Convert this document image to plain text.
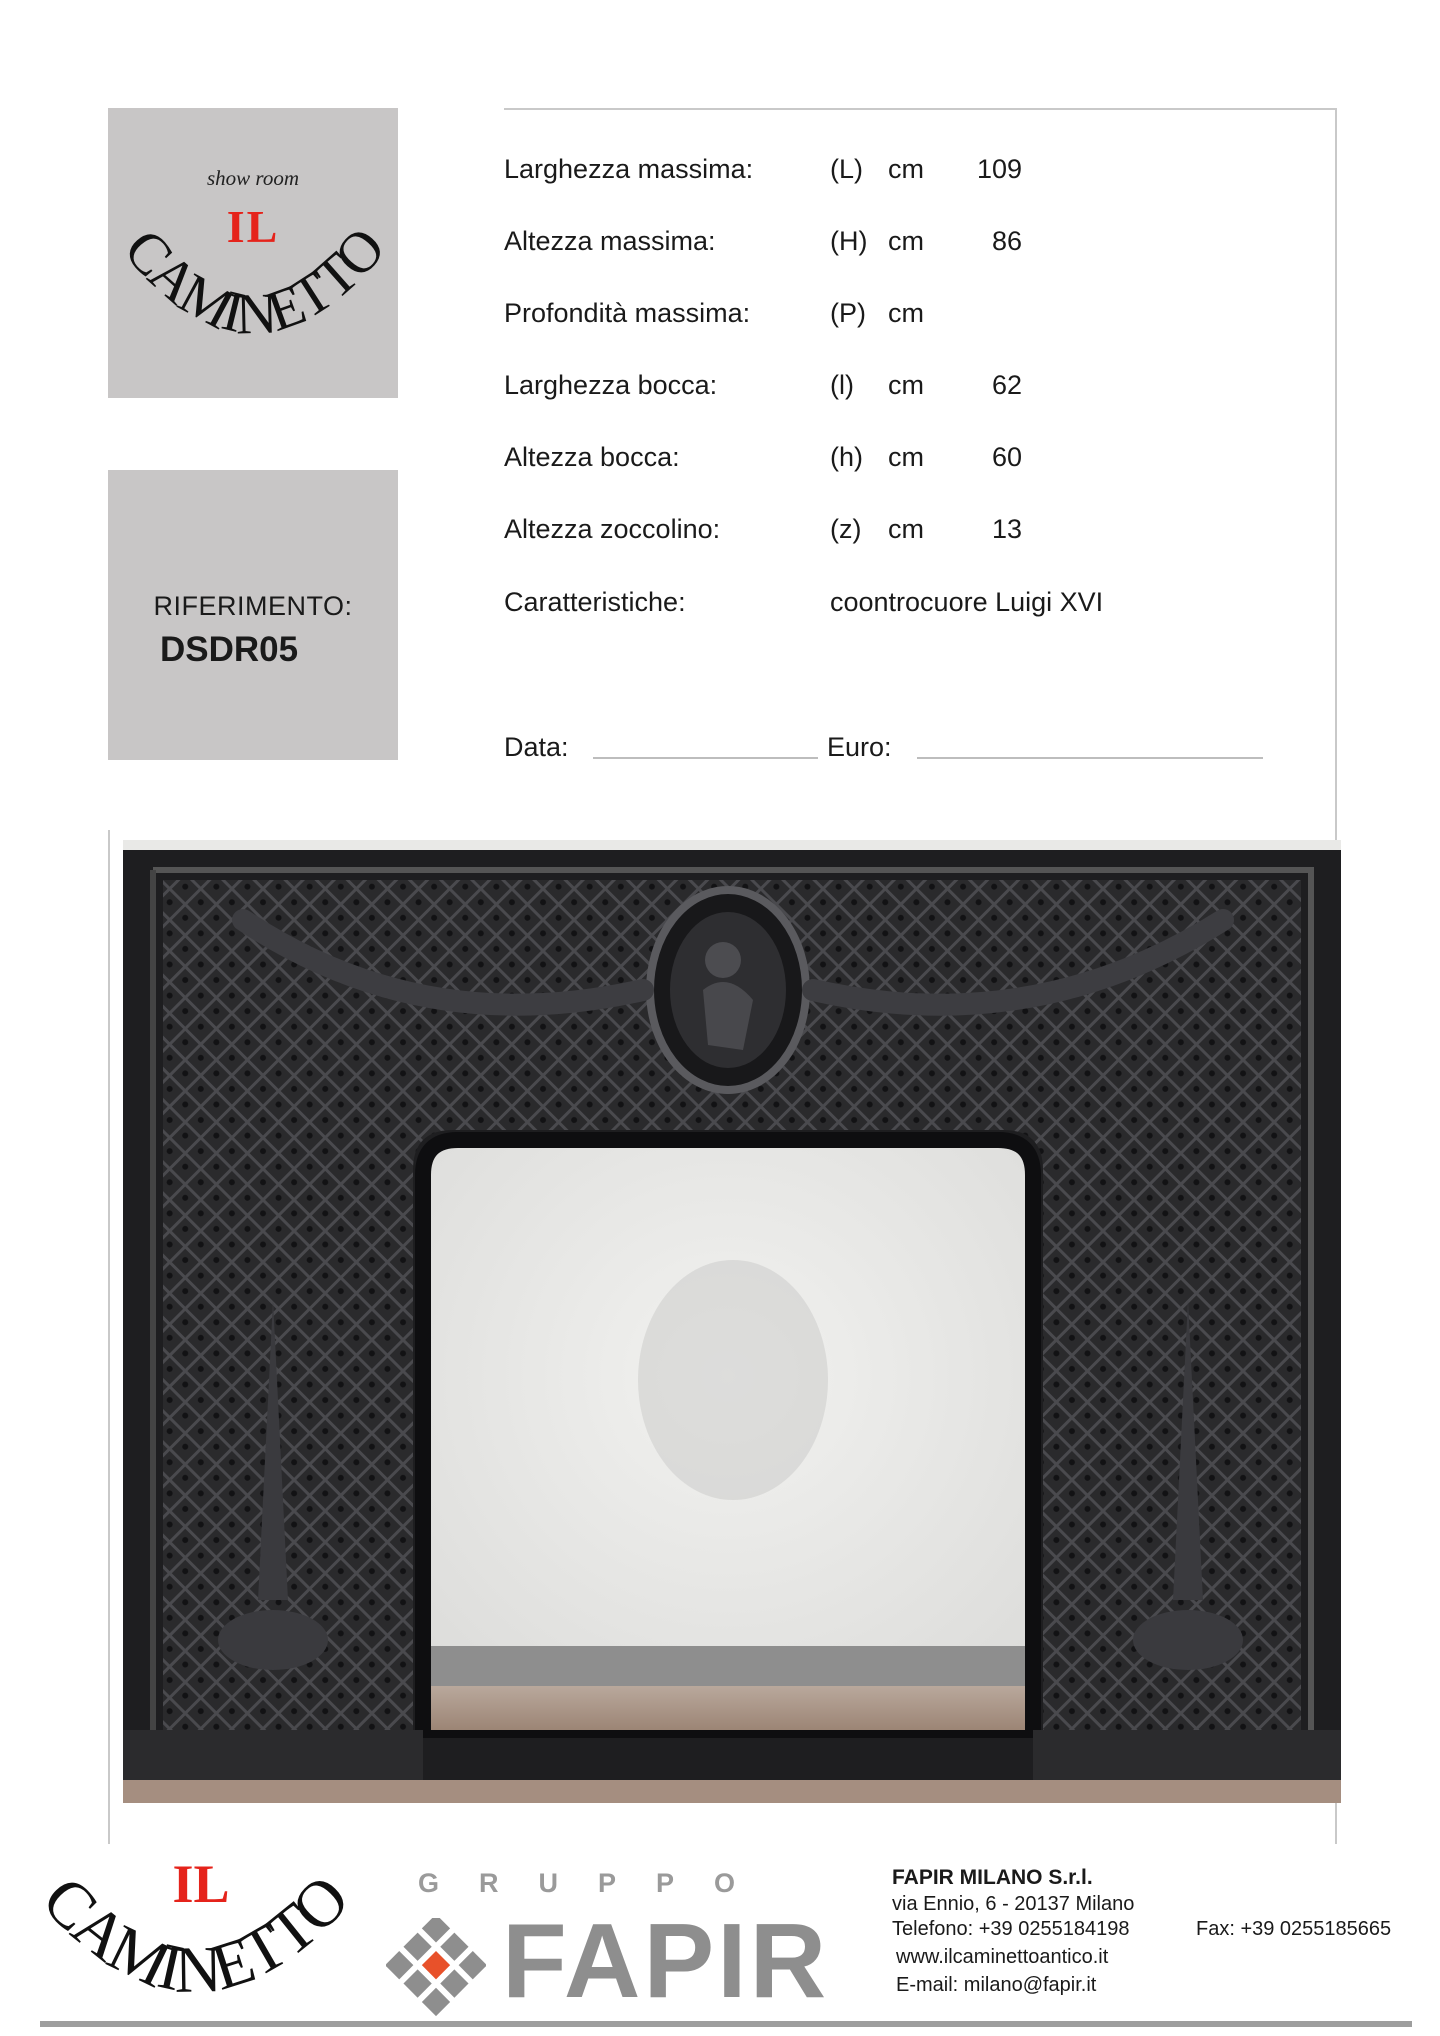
show room
IL
CAMINETTO
RIFERIMENTO:
DSDR05
Larghezza massima:	(L) cm	109
Altezza massima:	(H) cm	86
Profondità massima:	(P) cm
Larghezza bocca:	(l) cm	62
Altezza bocca:	(h) cm	60
Altezza zoccolino:	(z) cm	13
Caratteristiche:	coontrocuore Luigi XVI
Data:	Euro:
IL
CAMINETTO GRUPPO
FAPIR
FAPIR MILANO S.r.l.
via Ennio, 6 - 20137 Milano
Telefono: +39 0255184198	Fax: +39 0255185665
www.ilcaminettoantico.it
E-mail: milano@fapir.it
